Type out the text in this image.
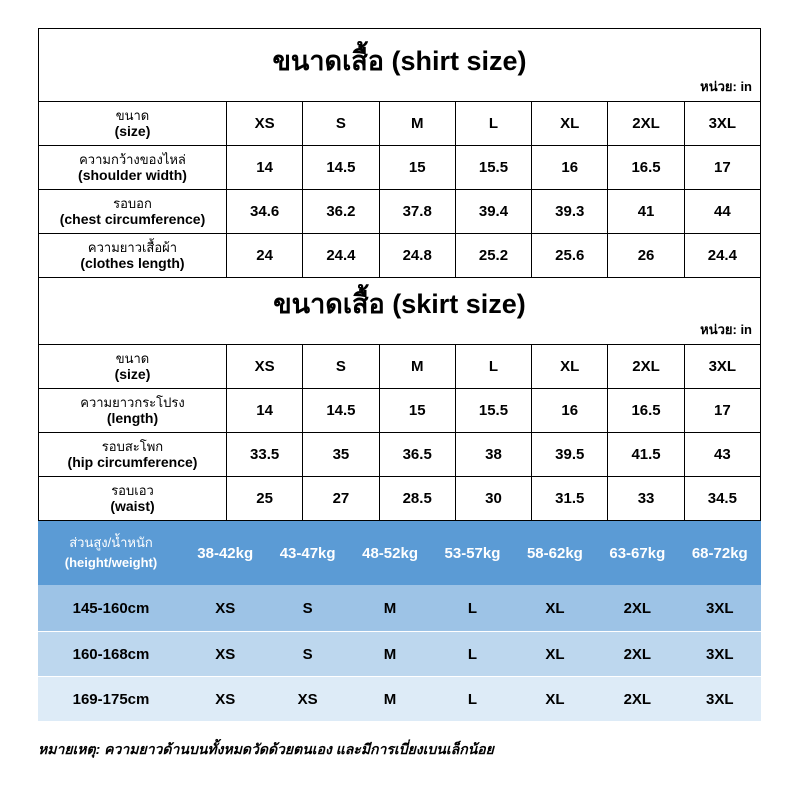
ขนาดเสื้อ (shirt size)
หน่วย: in							

ขนาด
(size)	XS	S	M	L	XL	2XL	3XL

ความกว้างของไหล่
(shoulder width)	14	14.5	15	15.5	16	16.5	17

รอบอก
(chest circumference)	34.6	36.2	37.8	39.4	39.3	41	44

ความยาวเสื้อผ้า
(clothes length)	24	24.4	24.8	25.2	25.6	26	24.4
ขนาดเสื้อ (skirt size)
หน่วย: in							

ขนาด
(size)	XS	S	M	L	XL	2XL	3XL

ความยาวกระโปรง
(length)	14	14.5	15	15.5	16	16.5	17

รอบสะโพก
(hip circumference)	33.5	35	36.5	38	39.5	41.5	43

รอบเอว
(waist)	25	27	28.5	30	31.5	33	34.5
ส่วนสูง/น้ำหนัก
(height/weight)	38-42kg	43-47kg	48-52kg	53-57kg	58-62kg	63-67kg	68-72kg
145-160cm	XS	S	M	L	XL	2XL	3XL
160-168cm	XS	S	M	L	XL	2XL	3XL
169-175cm	XS	XS	M	L	XL	2XL	3XL
หมายเหตุ: ความยาวด้านบนทั้งหมดวัดด้วยตนเอง และมีการเบี่ยงเบนเล็กน้อย
